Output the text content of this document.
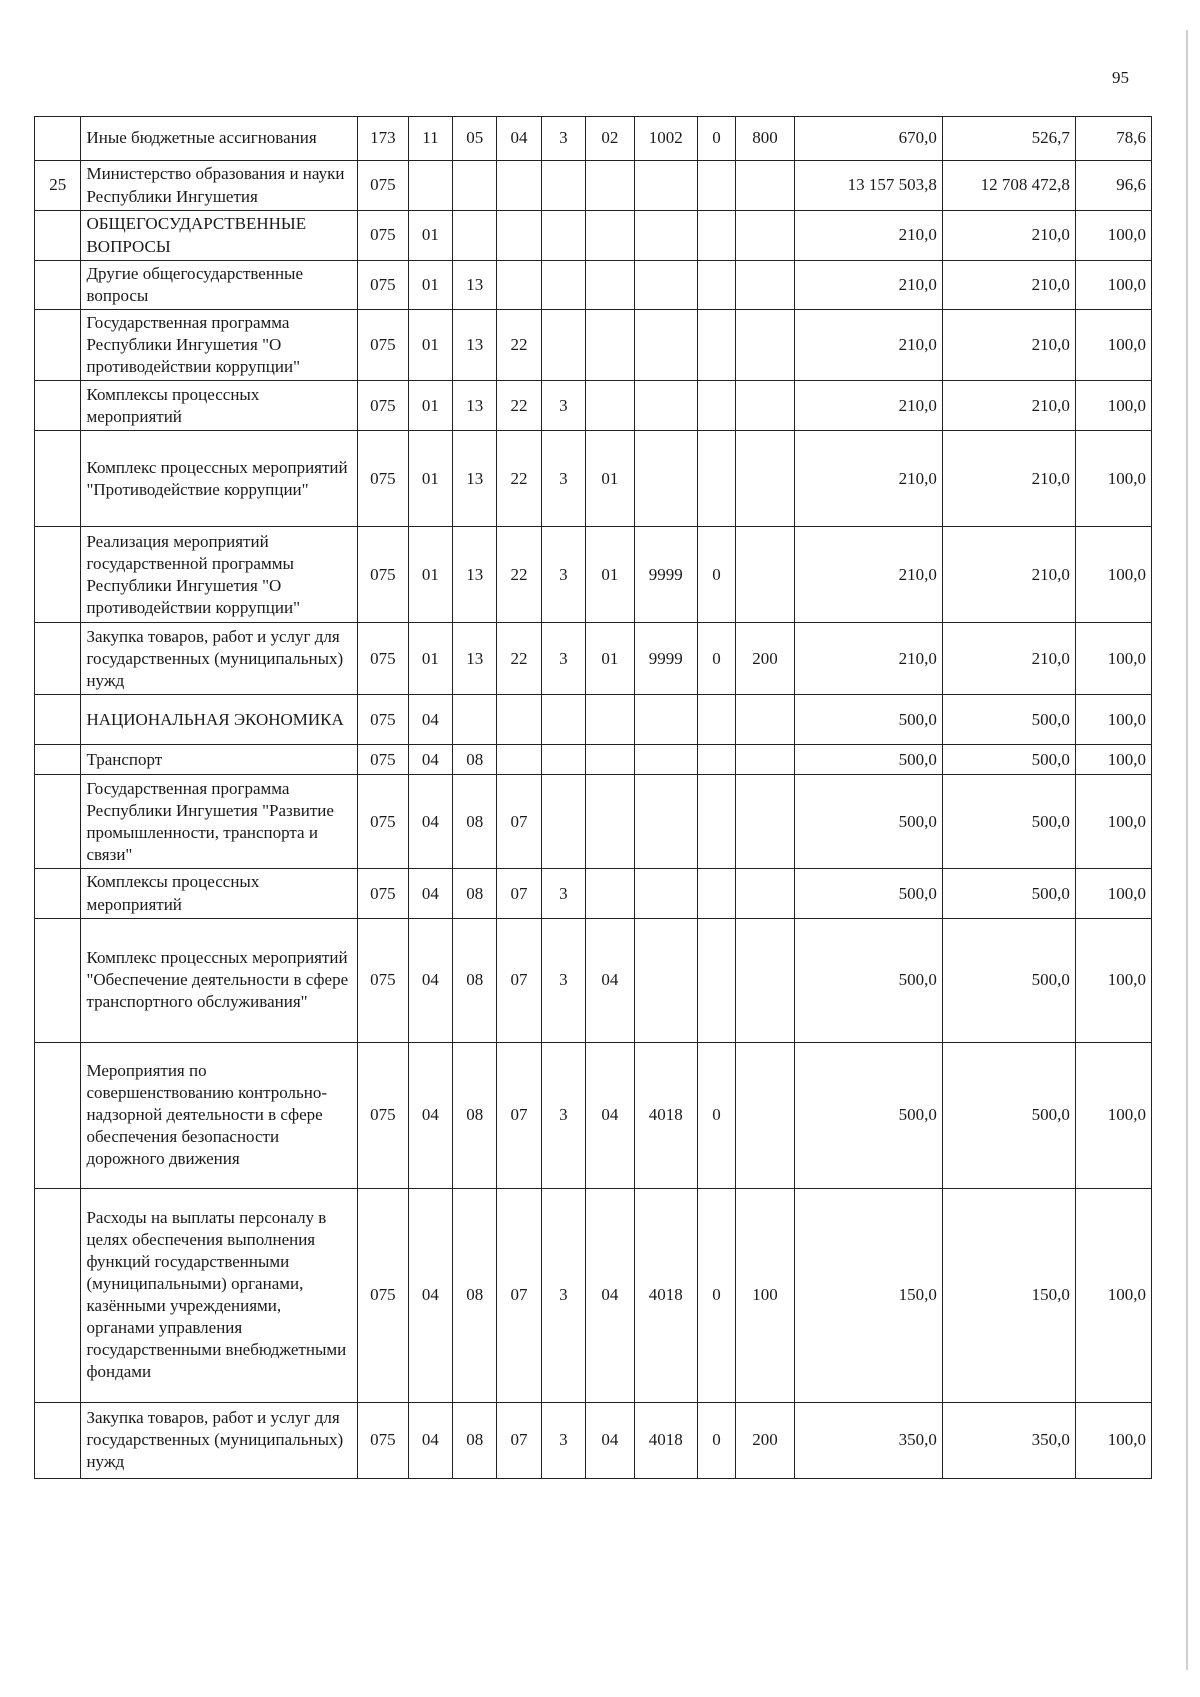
95
	Иные бюджетные ассигнования	173	11	05	04	3	02	1002	0	800	670,0	526,7	78,6
25	Министерство образования и науки Республики Ингушетия	075									13 157 503,8	12 708 472,8	96,6
	ОБЩЕГОСУДАРСТВЕННЫЕ ВОПРОСЫ	075	01								210,0	210,0	100,0
	Другие общегосударственные вопросы	075	01	13							210,0	210,0	100,0
	Государственная программа Республики Ингушетия "О противодействии коррупции"	075	01	13	22						210,0	210,0	100,0
	Комплексы процессных мероприятий	075	01	13	22	3					210,0	210,0	100,0
	Комплекс процессных мероприятий "Противодействие коррупции"	075	01	13	22	3	01				210,0	210,0	100,0
	Реализация мероприятий государственной программы Республики Ингушетия "О противодействии коррупции"	075	01	13	22	3	01	9999	0		210,0	210,0	100,0
	Закупка товаров, работ и услуг для государственных (муниципальных) нужд	075	01	13	22	3	01	9999	0	200	210,0	210,0	100,0
	НАЦИОНАЛЬНАЯ ЭКОНОМИКА	075	04								500,0	500,0	100,0
	Транспорт	075	04	08							500,0	500,0	100,0
	Государственная программа Республики Ингушетия "Развитие промышленности, транспорта и связи"	075	04	08	07						500,0	500,0	100,0
	Комплексы процессных мероприятий	075	04	08	07	3					500,0	500,0	100,0
	Комплекс процессных мероприятий "Обеспечение деятельности в сфере транспортного обслуживания"	075	04	08	07	3	04				500,0	500,0	100,0
	Мероприятия по совершенствованию контрольно-надзорной деятельности в сфере обеспечения безопасности дорожного движения	075	04	08	07	3	04	4018	0		500,0	500,0	100,0
	Расходы на выплаты персоналу в целях обеспечения выполнения функций государственными (муниципальными) органами, казёнными учреждениями, органами управления государственными внебюджетными фондами	075	04	08	07	3	04	4018	0	100	150,0	150,0	100,0
	Закупка товаров, работ и услуг для государственных (муниципальных) нужд	075	04	08	07	3	04	4018	0	200	350,0	350,0	100,0
